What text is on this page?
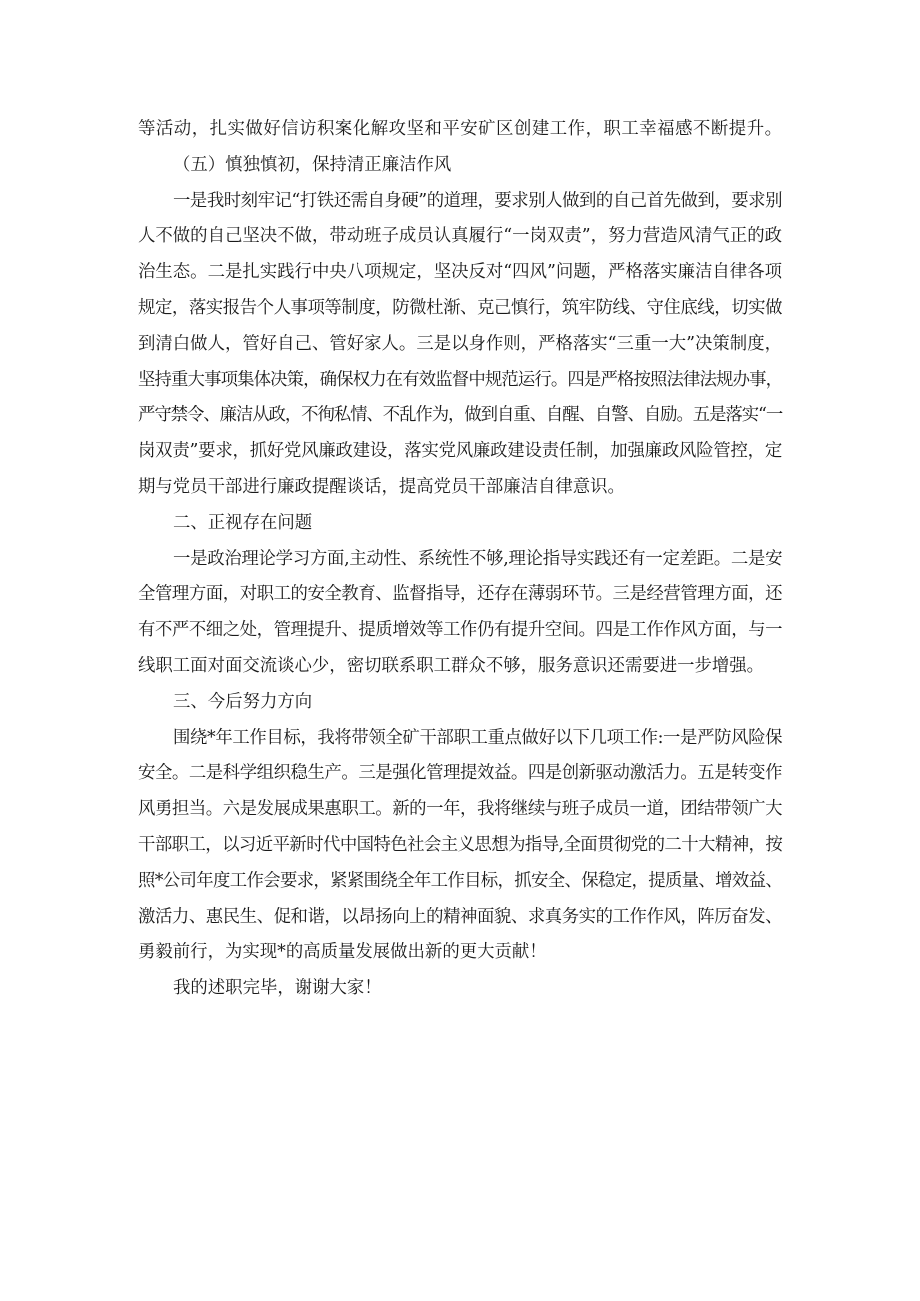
等活动，扎实做好信访积案化解攻坚和平安矿区创建工作，职工幸福感不断提升。

（五）慎独慎初，保持清正廉洁作风

一是我时刻牢记“打铁还需自身硬”的道理，要求别人做到的自己首先做到，要求别

人不做的自己坚决不做，带动班子成员认真履行“一岗双责”，努力营造风清气正的政

治生态。二是扎实践行中央八项规定，坚决反对“四风”问题，严格落实廉洁自律各项

规定，落实报告个人事项等制度，防微杜渐、克己慎行，筑牢防线、守住底线，切实做

到清白做人，管好自己、管好家人。三是以身作则，严格落实“三重一大”决策制度，

坚持重大事项集体决策，确保权力在有效监督中规范运行。四是严格按照法律法规办事，

严守禁令、廉洁从政，不徇私情、不乱作为，做到自重、自醒、自警、自励。五是落实“一

岗双责”要求，抓好党风廉政建设，落实党风廉政建设责任制，加强廉政风险管控，定

期与党员干部进行廉政提醒谈话，提高党员干部廉洁自律意识。

二、正视存在问题

一是政治理论学习方面,主动性、系统性不够,理论指导实践还有一定差距。二是安

全管理方面，对职工的安全教育、监督指导，还存在薄弱环节。三是经营管理方面，还

有不严不细之处，管理提升、提质增效等工作仍有提升空间。四是工作作风方面，与一

线职工面对面交流谈心少，密切联系职工群众不够，服务意识还需要进一步增强。

三、今后努力方向

围绕*年工作目标，我将带领全矿干部职工重点做好以下几项工作:一是严防风险保

安全。二是科学组织稳生产。三是强化管理提效益。四是创新驱动激活力。五是转变作

风勇担当。六是发展成果惠职工。新的一年，我将继续与班子成员一道，团结带领广大

干部职工，以习近平新时代中国特色社会主义思想为指导,全面贯彻党的二十大精神，按

照*公司年度工作会要求，紧紧围绕全年工作目标，抓安全、保稳定，提质量、增效益、

激活力、惠民生、促和谐，以昂扬向上的精神面貌、求真务实的工作作风，阵厉奋发、

勇毅前行，为实现*的高质量发展做出新的更大贡献！

我的述职完毕，谢谢大家！
